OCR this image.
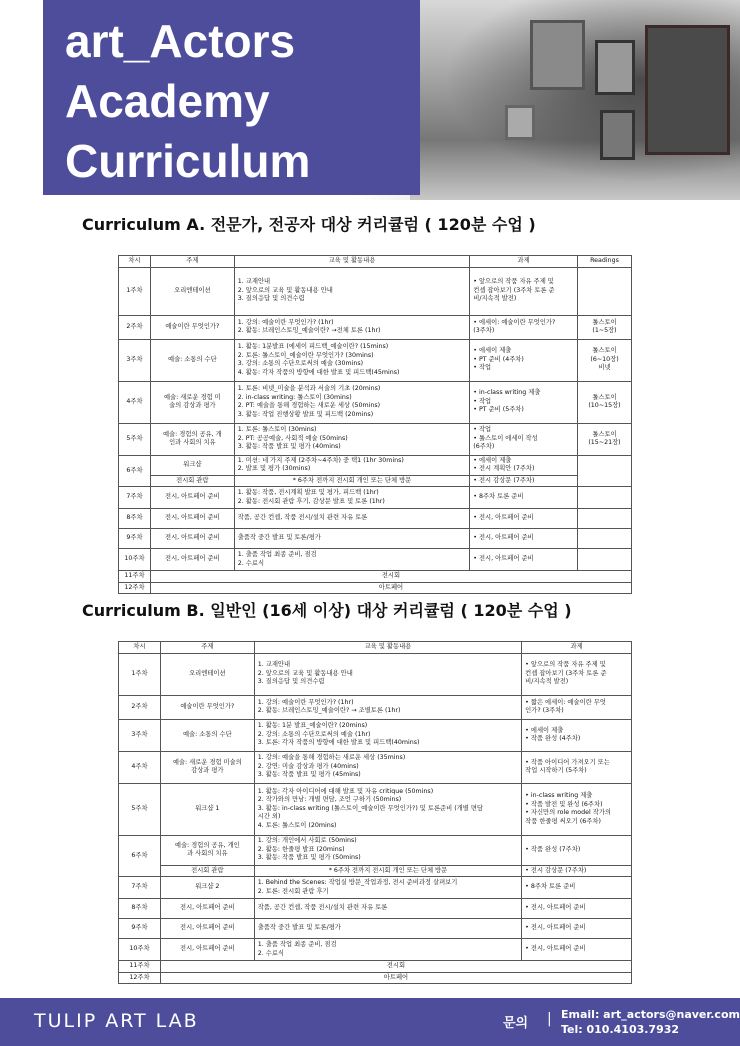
art_Actors
Academy
Curriculum
Curriculum A. 전문가, 전공자 대상 커리큘럼 ( 120분 수업 )
차시	주제	교육 및 활동내용	과제	Readings
1주차	오리엔테이션	1. 교재안내
2. 앞으로의 교육 및 활동내용 안내
3. 질의응답 및 의견수렴	• 앞으로의 작품 자유 주제 및
컨셉 잡아보기 (3주차 토론 준
비/지속적 발전)	
2주차	예술이란 무엇인가?	1. 강의: 예술이란 무엇인가? (1hr)
2. 활동: 브레인스토밍_예술이란? →전체 토론 (1hr)	• 에세이: 예술이란 무엇인가?
(3주차)	톨스토이
(1~5장)
3주차	예술: 소통의 수단	1. 활동: 1분발표 (에세이 피드백_예술이란? (15mins)
2. 토론: 톨스토이_예술이란 무엇인가? (30mins)
3. 강의: 소통의 수단으로써의 예술 (30mins)
4. 활동: 각자 작품의 방향에 대한 발표 및 피드백(45mins)	• 에세이 제출
• PT 준비 (4주차)
• 작업	톨스토이
(6~10장)
비넷
4주차	예술: 새로운 경험 미
술의 감상과 평가	1. 토론: 비넷_미술을 분석과 서술의 기초 (20mins)
2. in-class writing: 톨스토이 (30mins)
2. PT: 예술을 통해 경험하는 새로운 세상 (50mins)
3. 활동: 작업 진행상황 발표 및 피드백 (20mins)	• in-class writing 제출
• 작업
• PT 준비 (5주차)	톨스토이
(10~15장)
5주차	예술: 경험의 공유, 개
인과 사회의 치유	1. 토론: 톨스토이 (30mins)
2. PT: 공공예술, 사회적 예술 (50mins)
3. 활동: 작품 발표 및 평가 (40mins)	• 작업
• 톨스토이 에세이 작성
(6주차)	톨스토이
(15~21장)
6주차	워크샵	1. 미션: 네 가지 주제 (2주차~4주차) 중 택1 (1hr 30mins)
2. 발표 및 평가 (30mins)	• 에세이 제출
• 전시 계획안 (7주차)	
	전시회 관람	* 6주차 전까지 전시회 개인 또는 단체 방문	• 전시 감상문 (7주차)	
7주차	전시, 아트페어 준비	1. 활동: 작품, 전시계획 발표 및 평가, 피드백 (1hr)
2. 활동: 전시회 관람 후기, 감상문 발표 및 토론 (1hr)	• 8주차 토론 준비	
8주차	전시, 아트페어 준비	작품, 공간 컨셉, 작품 전시/설치 관련 자유 토론	• 전시, 아트페어 준비	
9주차	전시, 아트페어 준비	출품작 중간 발표 및 토론/평가	• 전시, 아트페어 준비	
10주차	전시, 아트페어 준비	1. 출품 작업 최종 준비, 점검
2. 수료식	• 전시, 아트페어 준비	
11주차	전시회			
12주차	아트페어			
Curriculum B. 일반인 (16세 이상) 대상 커리큘럼 ( 120분 수업 )
차시	주제	교육 및 활동내용	과제
1주차	오리엔테이션	1. 교재안내
2. 앞으로의 교육 및 활동내용 안내
3. 질의응답 및 의견수렴	• 앞으로의 작품 자유 주제 및
컨셉 잡아보기 (3주차 토론 준
비/지속적 발전)
2주차	예술이란 무엇인가?	1. 강의: 예술이란 무엇인가? (1hr)
2. 활동: 브레인스토밍_예술이란? → 조별토론 (1hr)	• 짧은 에세이: 예술이란 무엇
인가? (3주차)
3주차	예술: 소통의 수단	1. 활동: 1분 발표_예술이란? (20mins)
2. 강의: 소통의 수단으로써의 예술 (1hr)
3. 토론: 각자 작품의 방향에 대한 발표 및 피드백(40mins)	• 에세이 제출
• 작품 완성 (4주차)
4주차	예술: 새로운 경험 미술의
감상과 평가	1. 강의: 예술을 통해 경험하는 새로운 세상 (35mins)
2. 강연: 미술 감상과 평가 (40mins)
3. 활동: 작품 발표 및 평가 (45mins)	• 작품 아이디어 가져오기 또는
작업 시작하기 (5주차)
5주차	워크샵 1	1. 활동: 각자 아이디어에 대해 발표 및 자유 critique (50mins)
2. 작가와의 만남: 개별 면담, 조언 구하기 (50mins)
3. 활동: in-class writing (톨스토이_예술이란 무엇인가?) 및 토론준비 (개별 면담
시간 외)
4. 토론: 톨스토이 (20mins)	• in-class writing 제출
• 작품 발전 및 완성 (6주차)
• 자신만의 role model 작가의
작품 한줄평 써오기 (6주차)
6주차	예술: 경험의 공유, 개인
과 사회의 치유	1. 강의: 개인에서 사회로 (50mins)
2. 활동: 한줄평 발표 (20mins)
3. 활동: 작품 발표 및 평가 (50mins)	• 작품 완성 (7주차)
	전시회 관람	* 6주차 전까지 전시회 개인 또는 단체 방문	• 전시 감상문 (7주차)
7주차	워크샵 2	1. Behind the Scenes: 작업실 방문_작업과정, 전시 준비과정 살펴보기
2. 토론: 전시회 관람 후기	• 8주차 토론 준비
8주차	전시, 아트페어 준비	작품, 공간 컨셉, 작품 전시/설치 관련 자유 토론	• 전시, 아트페어 준비
9주차	전시, 아트페어 준비	출품작 중간 발표 및 토론/평가	• 전시, 아트페어 준비
10주차	전시, 아트페어 준비	1. 출품 작업 최종 준비, 점검
2. 수료식	• 전시, 아트페어 준비
11주차	전시회		
12주차	아트페어		
TULIP ART LAB	문의 | Email: art_actors@naver.com
Tel: 010.4103.7932
